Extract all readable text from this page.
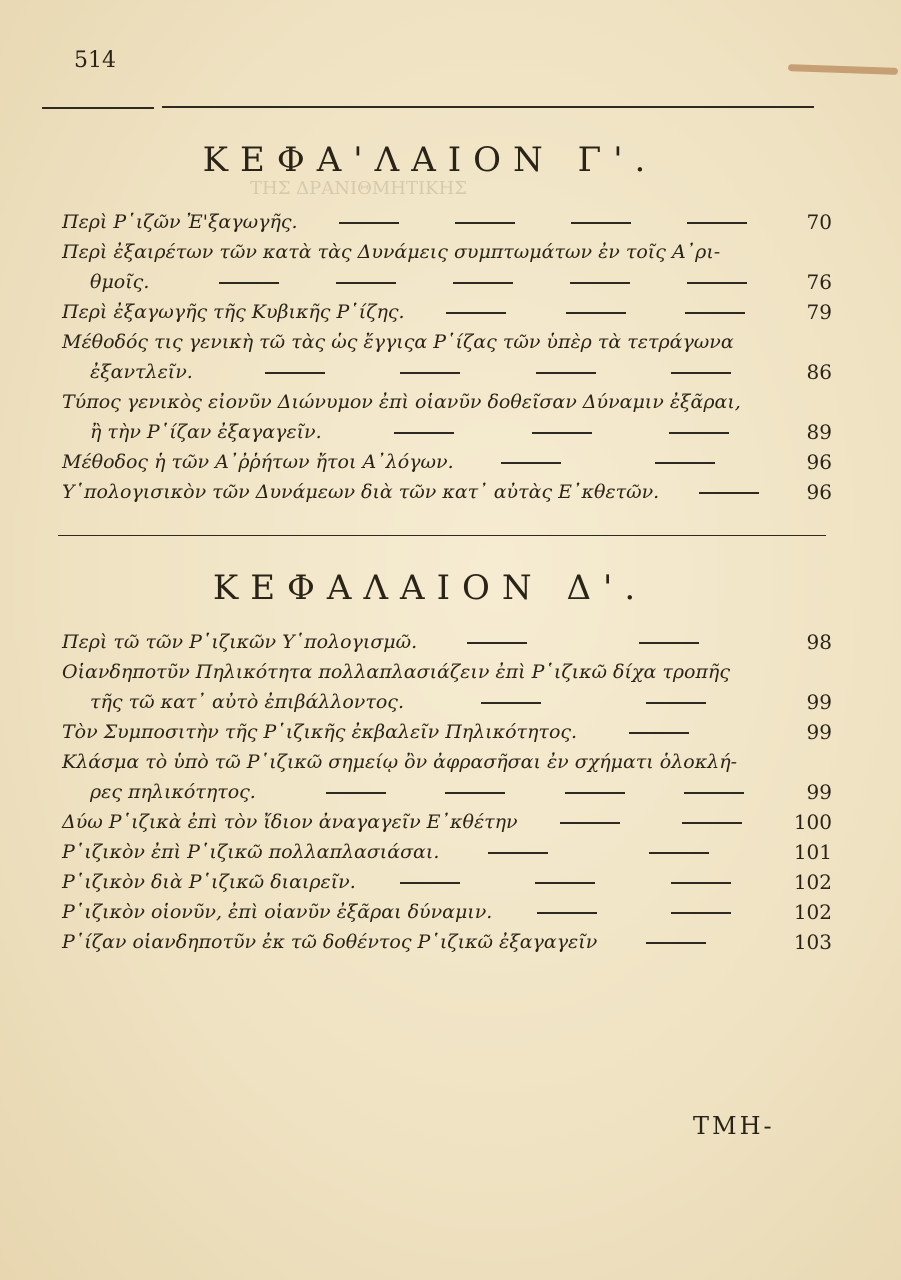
514
ΤΗΣ ΔΡΑΝΙΘΜΗΤΙΚΗΣ
ΚΕΦΑ'ΛΑΙΟΝ Γ'.
Περὶ Ρ῾ιζῶν Ἐ'ξαγωγῆς.	70
Περὶ ἐξαιρέτων τῶν κατὰ τὰς Δυνάμεις συμπτωμάτων ἐν τοῖς Α᾿ρι-
θμοῖς.	76
Περὶ ἐξαγωγῆς τῆς Κυβικῆς Ρ῾ίζης.	79
Μέθοδός τις γενικὴ τῶ τὰς ὡς ἔγγιςα Ρ῾ίζας τῶν ὑπὲρ τὰ τετράγωνα
ἐξαντλεῖν.	86
Τύπος γενικὸς εἰονῦν Διώνυμον ἐπὶ οἱανῦν δοθεῖσαν Δύναμιν ἐξᾶραι,
ἢ τὴν Ρ῾ίζαν ἐξαγαγεῖν.	89
Μέθοδος ἡ τῶν Α᾿ῤῥήτων ἤτοι Α᾿λόγων.	96
Υ῾πολογισικὸν τῶν Δυνάμεων διὰ τῶν κατ᾿ αὐτὰς Ε᾿κθετῶν.	96
ΚΕΦΑΛΑΙΟΝ Δ'.
Περὶ τῶ τῶν Ρ῾ιζικῶν Υ῾πολογισμῶ.	98
Οἱανδηποτῦν Πηλικότητα πολλαπλασιάζειν ἐπὶ Ρ῾ιζικῶ δίχα τροπῆς
τῆς τῶ κατ᾿ αὐτὸ ἐπιβάλλοντος.	99
Τὸν Συμποσιτὴν τῆς Ρ῾ιζικῆς ἐκβαλεῖν Πηλικότητος.	99
Κλάσμα τὸ ὑπὸ τῶ Ρ῾ιζικῶ σημείῳ ὂν ἀφρασῆσαι ἐν σχήματι ὁλοκλή-
ρες πηλικότητος.	99
Δύω Ρ῾ιζικὰ ἐπὶ τὸν ἴδιον ἀναγαγεῖν Ε᾿κθέτην	100
Ρ῾ιζικὸν ἐπὶ Ρ῾ιζικῶ πολλαπλασιάσαι.	101
Ρ῾ιζικὸν διὰ Ρ῾ιζικῶ διαιρεῖν.	102
Ρ῾ιζικὸν οἱονῦν, ἐπὶ οἱανῦν ἐξᾶραι δύναμιν.	102
Ρ῾ίζαν οἱανδηποτῦν ἐκ τῶ δοθέντος Ρ῾ιζικῶ ἐξαγαγεῖν	103
ΤΜΗ-
